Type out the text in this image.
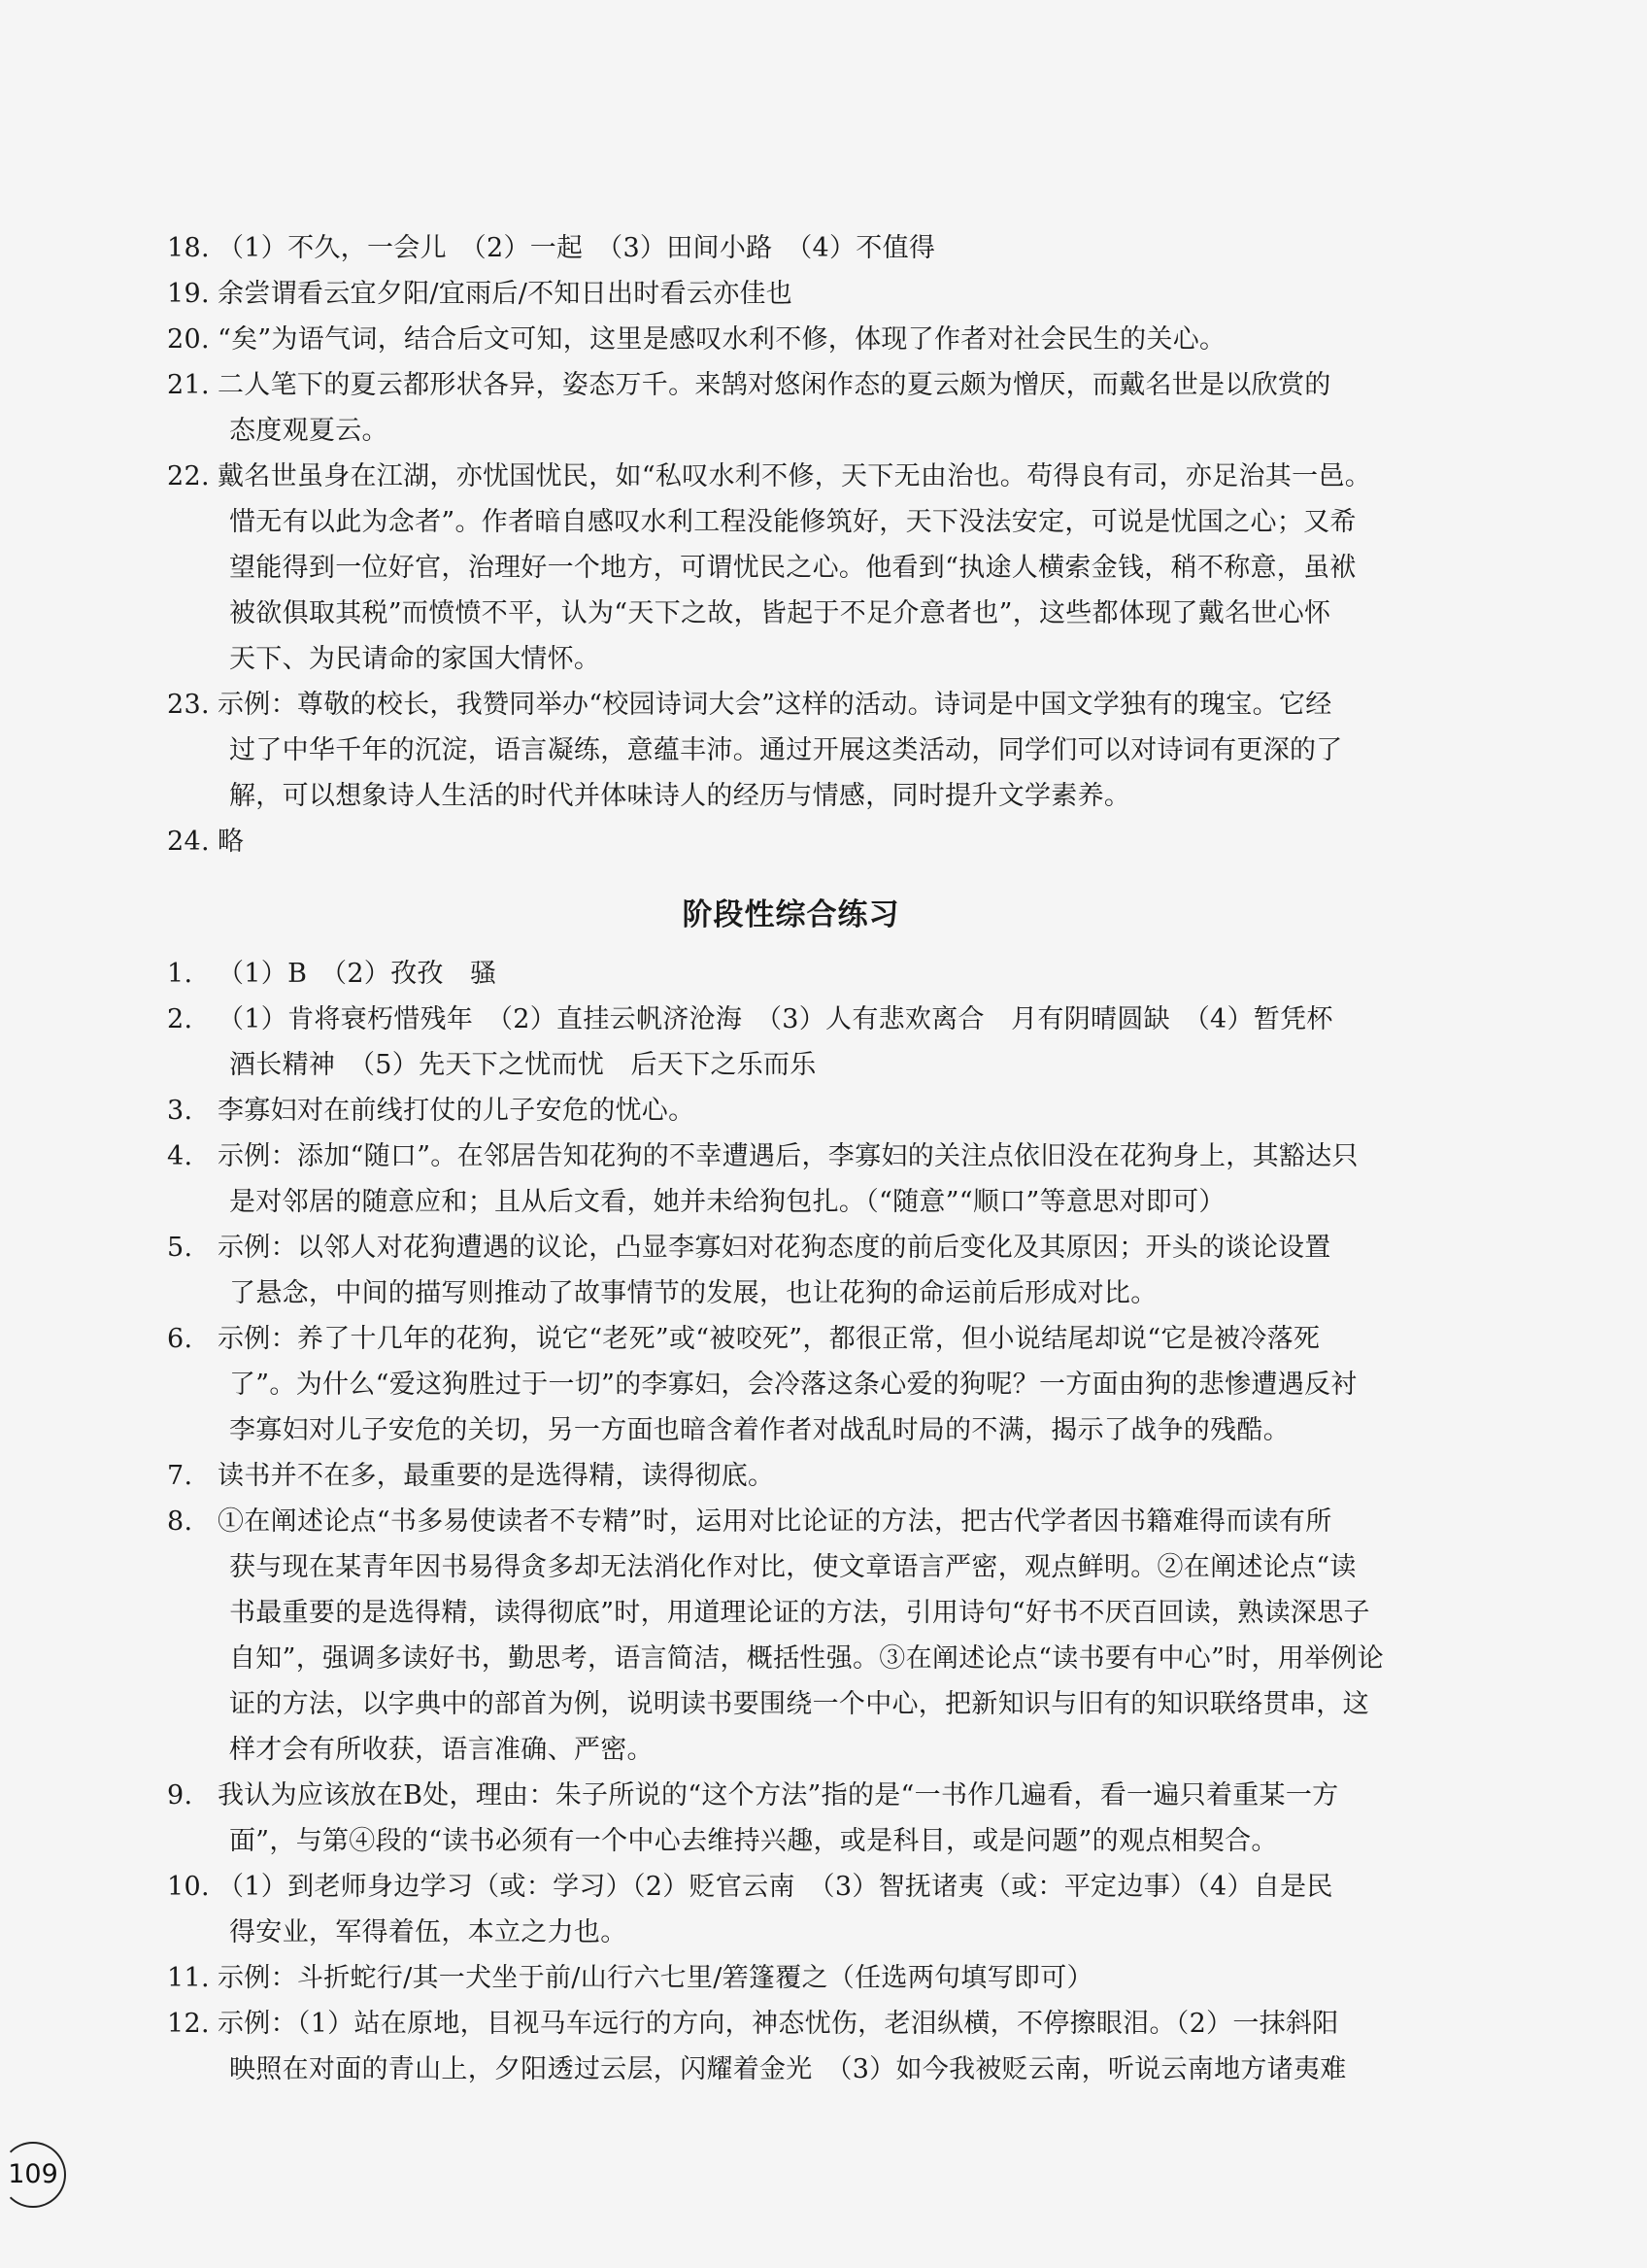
18. （1）不久，一会儿　（2）一起　（3）田间小路　（4）不值得
19. 余尝谓看云宜夕阳/宜雨后/不知日出时看云亦佳也
20. “矣”为语气词，结合后文可知，这里是感叹水利不修，体现了作者对社会民生的关心。
21. 二人笔下的夏云都形状各异，姿态万千。来鹄对悠闲作态的夏云颇为憎厌，而戴名世是以欣赏的
态度观夏云。
22. 戴名世虽身在江湖，亦忧国忧民，如“私叹水利不修，天下无由治也。苟得良有司，亦足治其一邑。
惜无有以此为念者”。作者暗自感叹水利工程没能修筑好，天下没法安定，可说是忧国之心；又希
望能得到一位好官，治理好一个地方，可谓忧民之心。他看到“执途人横索金钱，稍不称意，虽袱
被欲俱取其税”而愤愤不平，认为“天下之故，皆起于不足介意者也”，这些都体现了戴名世心怀
天下、为民请命的家国大情怀。
23. 示例：尊敬的校长，我赞同举办“校园诗词大会”这样的活动。诗词是中国文学独有的瑰宝。它经
过了中华千年的沉淀，语言凝练，意蕴丰沛。通过开展这类活动，同学们可以对诗词有更深的了
解，可以想象诗人生活的时代并体味诗人的经历与情感，同时提升文学素养。
24. 略
阶段性综合练习
1. （1）B　（2）孜孜　骚
2. （1）肯将衰朽惜残年　（2）直挂云帆济沧海　（3）人有悲欢离合　月有阴晴圆缺　（4）暂凭杯
酒长精神　（5）先天下之忧而忧　后天下之乐而乐
3. 李寡妇对在前线打仗的儿子安危的忧心。
4. 示例：添加“随口”。在邻居告知花狗的不幸遭遇后，李寡妇的关注点依旧没在花狗身上，其豁达只
是对邻居的随意应和；且从后文看，她并未给狗包扎。（“随意”“顺口”等意思对即可）
5. 示例：以邻人对花狗遭遇的议论，凸显李寡妇对花狗态度的前后变化及其原因；开头的谈论设置
了悬念，中间的描写则推动了故事情节的发展，也让花狗的命运前后形成对比。
6. 示例：养了十几年的花狗，说它“老死”或“被咬死”，都很正常，但小说结尾却说“它是被冷落死
了”。为什么“爱这狗胜过于一切”的李寡妇，会冷落这条心爱的狗呢？一方面由狗的悲惨遭遇反衬
李寡妇对儿子安危的关切，另一方面也暗含着作者对战乱时局的不满，揭示了战争的残酷。
7. 读书并不在多，最重要的是选得精，读得彻底。
8. ①在阐述论点“书多易使读者不专精”时，运用对比论证的方法，把古代学者因书籍难得而读有所
获与现在某青年因书易得贪多却无法消化作对比，使文章语言严密，观点鲜明。②在阐述论点“读
书最重要的是选得精，读得彻底”时，用道理论证的方法，引用诗句“好书不厌百回读，熟读深思子
自知”，强调多读好书，勤思考，语言简洁，概括性强。③在阐述论点“读书要有中心”时，用举例论
证的方法，以字典中的部首为例，说明读书要围绕一个中心，把新知识与旧有的知识联络贯串，这
样才会有所收获，语言准确、严密。
9. 我认为应该放在B处，理由：朱子所说的“这个方法”指的是“一书作几遍看，看一遍只着重某一方
面”，与第④段的“读书必须有一个中心去维持兴趣，或是科目，或是问题”的观点相契合。
10. （1）到老师身边学习（或：学习）（2）贬官云南　（3）智抚诸夷（或：平定边事）（4）自是民
得安业，军得着伍，本立之力也。
11. 示例：斗折蛇行/其一犬坐于前/山行六七里/箬篷覆之（任选两句填写即可）
12. 示例：（1）站在原地，目视马车远行的方向，神态忧伤，老泪纵横，不停擦眼泪。（2）一抹斜阳
映照在对面的青山上，夕阳透过云层，闪耀着金光　（3）如今我被贬云南，听说云南地方诸夷难
109
